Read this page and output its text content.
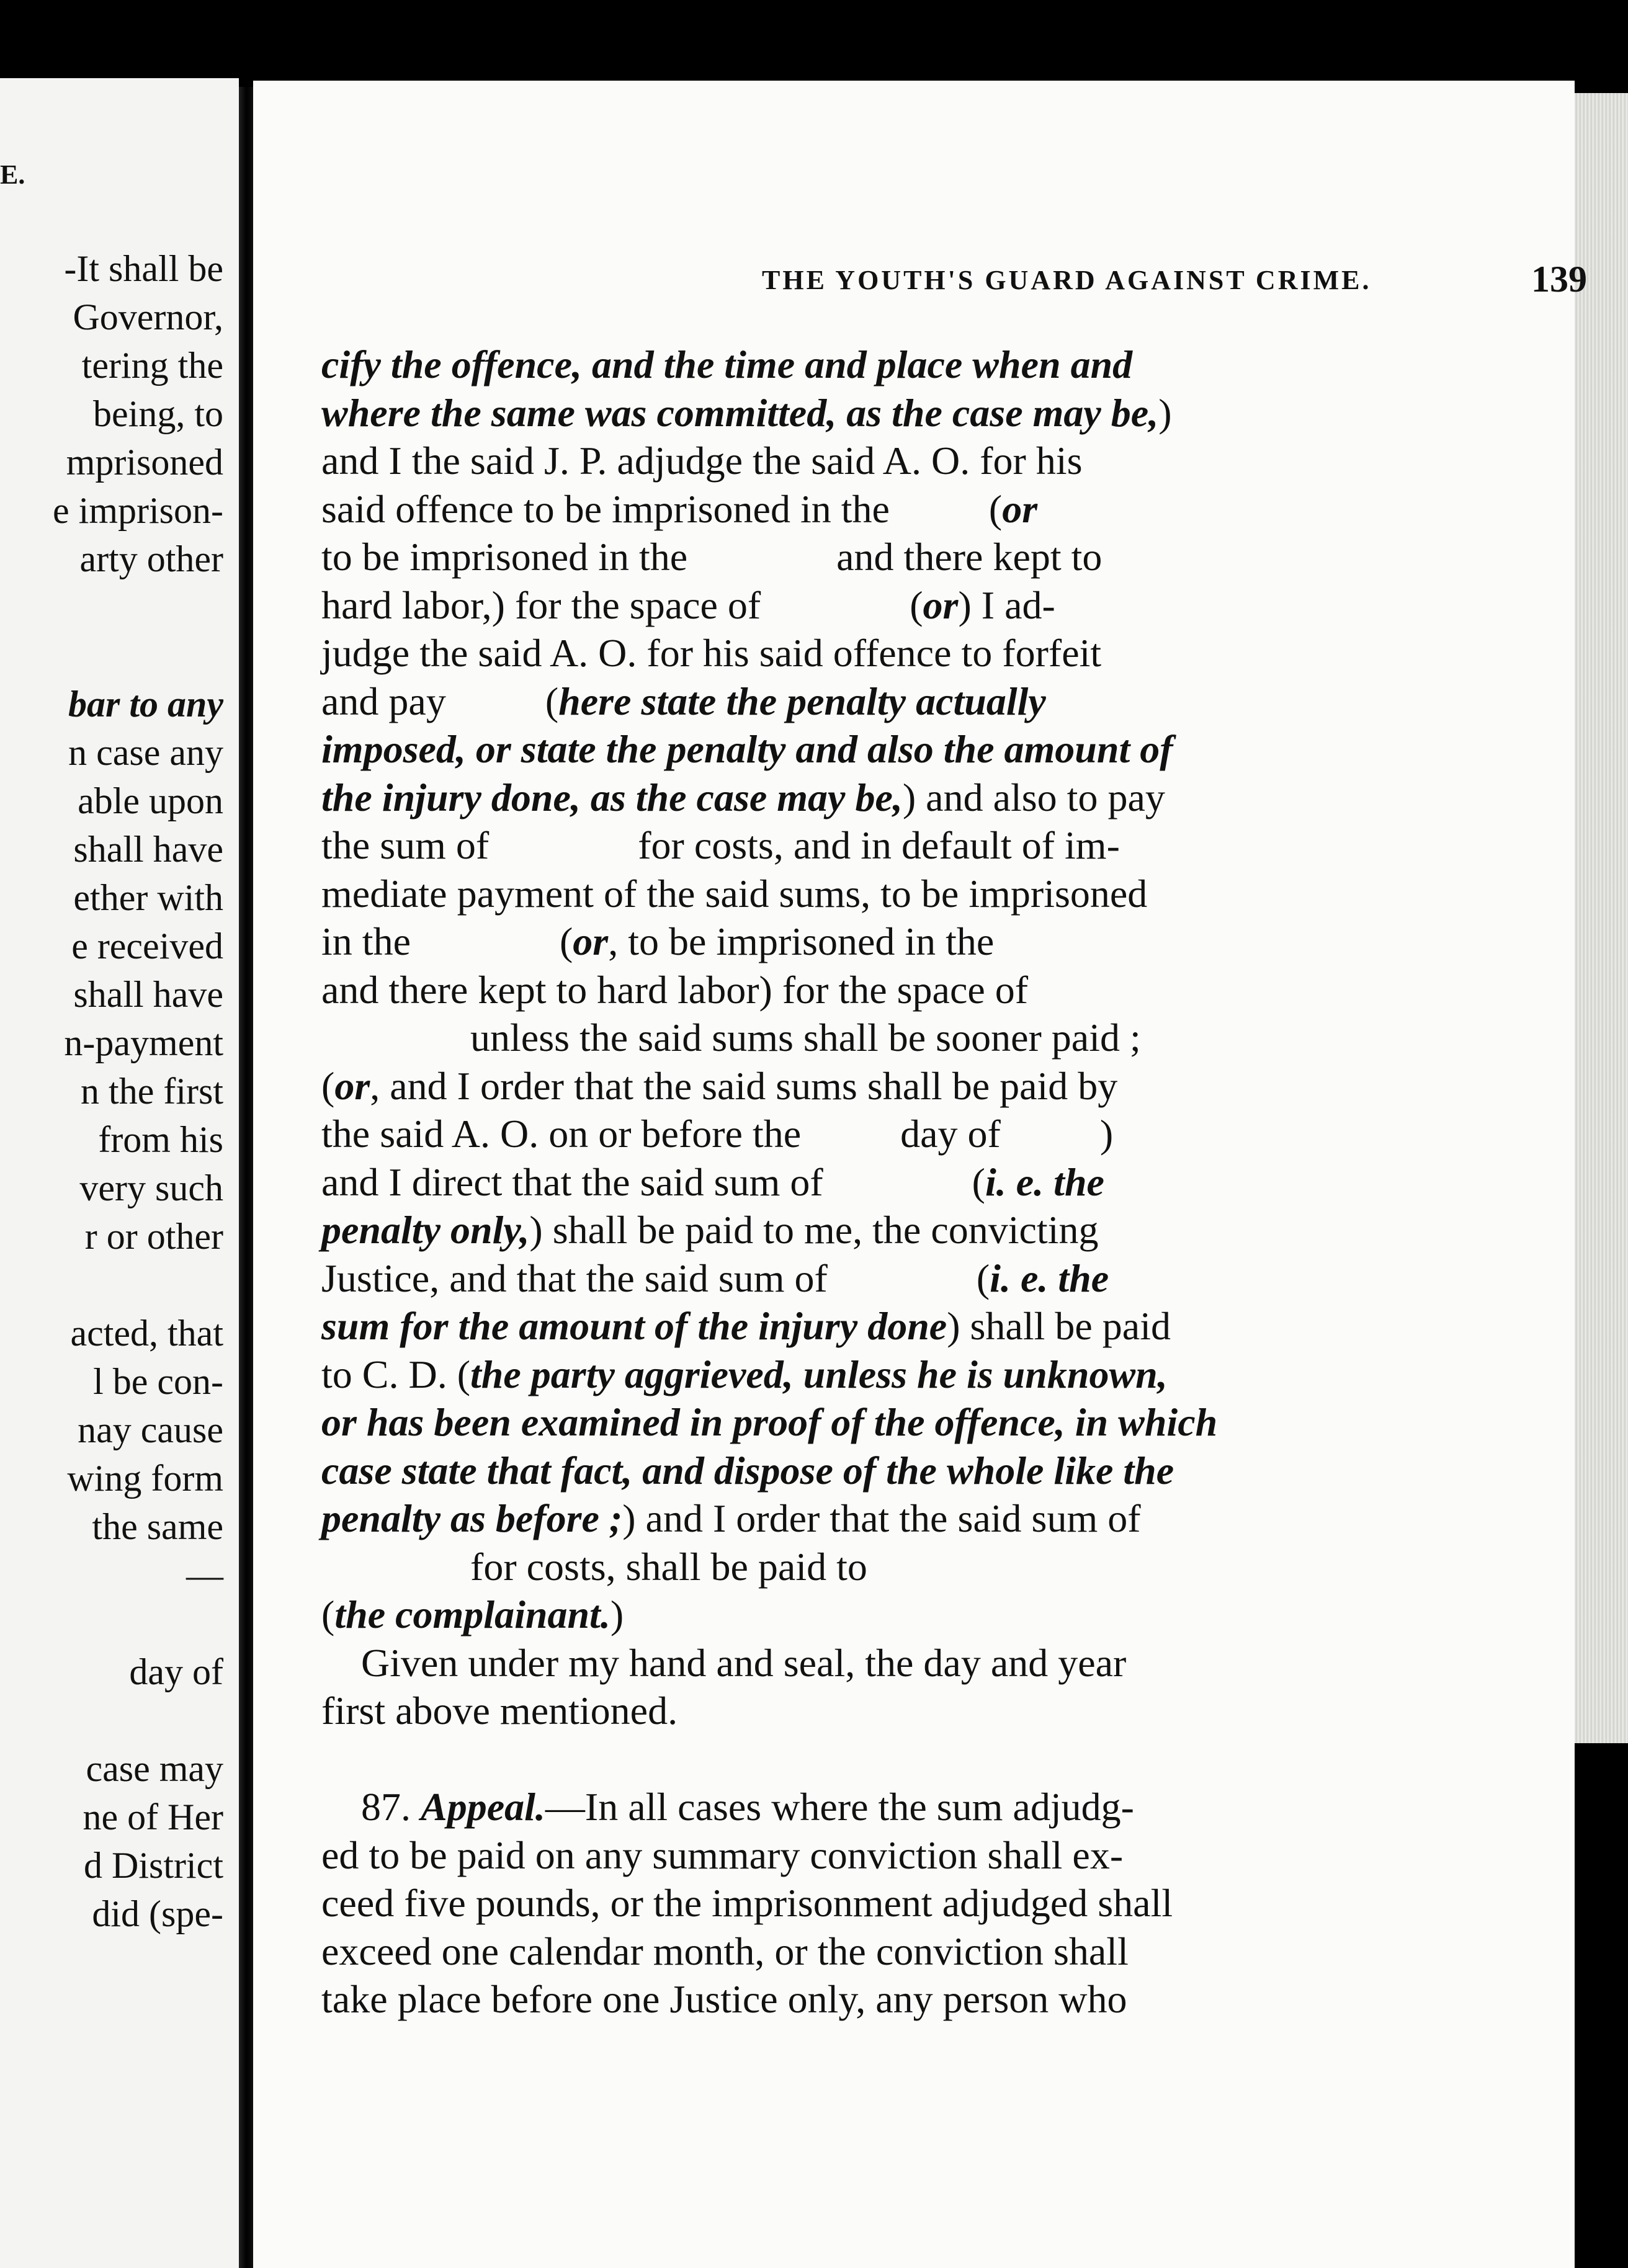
E.
-It shall be
Governor,
tering the
being, to
mprisoned
e imprison-
arty other
bar to any
n case any
able upon
shall have
ether with
e received
shall have
n-payment
n the first
from his
very such
r or other
acted, that
l be con-
nay cause
wing form
the same
—
day of
case may
ne of Her
d District
did (spe-
THE YOUTH'S GUARD AGAINST CRIME.	139
cify the offence, and the time and place when and
where the same was committed, as the case may be,)
and I the said J. P. adjudge the said A. O. for his
said offence to be imprisoned in the          (or
to be imprisoned in the               and there kept to
hard labor,) for the space of               (or) I ad-
judge the said A. O. for his said offence to forfeit
and pay          (here state the penalty actually
imposed, or state the penalty and also the amount of
the injury done, as the case may be,) and also to pay
the sum of               for costs, and in default of im-
mediate payment of the said sums, to be imprisoned
in the               (or, to be imprisoned in the
and there kept to hard labor) for the space of
unless the said sums shall be sooner paid ;
(or, and I order that the said sums shall be paid by
the said A. O. on or before the          day of          )
and I direct that the said sum of               (i. e. the
penalty only,) shall be paid to me, the convicting
Justice, and that the said sum of               (i. e. the
sum for the amount of the injury done) shall be paid
to C. D. (the party aggrieved, unless he is unknown,
or has been examined in proof of the offence, in which
case state that fact, and dispose of the whole like the
penalty as before ;) and I order that the said sum of
for costs, shall be paid to
(the complainant.)
Given under my hand and seal, the day and year
first above mentioned.
87. Appeal.—In all cases where the sum adjudg-
ed to be paid on any summary conviction shall ex-
ceed five pounds, or the imprisonment adjudged shall
exceed one calendar month, or the conviction shall
take place before one Justice only, any person who
